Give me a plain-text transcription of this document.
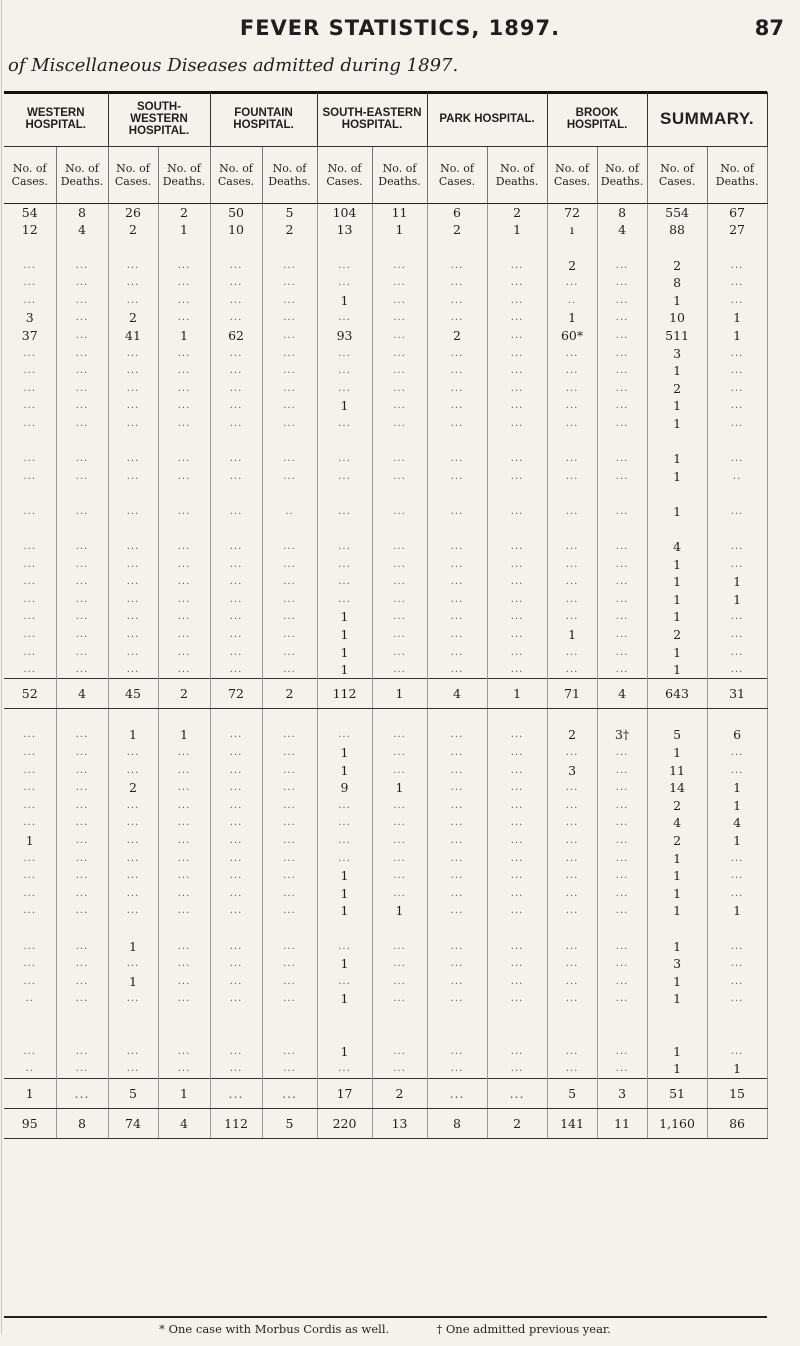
FEVER STATISTICS, 1897.	87
of Miscellaneous Diseases admitted during 1897.
WESTERN HOSPITAL.		SOUTH-WESTERN HOSPITAL.		FOUNTAIN HOSPITAL.		SOUTH-EASTERN HOSPITAL.		PARK HOSPITAL.		BROOK HOSPITAL.		SUMMARY.	
No. of Cases.	No. of Deaths.	No. of Cases.	No. of Deaths.	No. of Cases.	No. of Deaths.	No. of Cases.	No. of Deaths.	No. of Cases.	No. of Deaths.	No. of Cases.	No. of Deaths.	No. of Cases.	No. of Deaths.
54	8	26	2	50	5	104	11	6	2	72	8	554	67
12	4	2	1	10	2	13	1	2	1	ı	4	88	27

...	...	...	...	...	...	...	...	...	...	2	...	2	...
...	...	...	...	...	...	...	...	...	...	...	...	8	...
...	...	...	...	...	...	1	...	...	...	..	...	1	...
3	...	2	...	...	...	...	...	...	...	1	...	10	1
37	...	41	1	62	...	93	...	2	...	60*	...	511	1
...	...	...	...	...	...	...	...	...	...	...	...	3	...
...	...	...	...	...	...	...	...	...	...	...	...	1	...
...	...	...	...	...	...	...	...	...	...	...	...	2	...
...	...	...	...	...	...	1	...	...	...	...	...	1	...
...	...	...	...	...	...	...	...	...	...	...	...	1	...

...	...	...	...	...	...	...	...	...	...	...	...	1	...
...	...	...	...	...	...	...	...	...	...	...	...	1	..

...	...	...	...	...	..	...	...	...	...	...	...	1	...

...	...	...	...	...	...	...	...	...	...	...	...	4	...
...	...	...	...	...	...	...	...	...	...	...	...	1	...
...	...	...	...	...	...	...	...	...	...	...	...	1	1
...	...	...	...	...	...	...	...	...	...	...	...	1	1
...	...	...	...	...	...	1	...	...	...	...	...	1	...
...	...	...	...	...	...	1	...	...	...	1	...	2	...
...	...	...	...	...	...	1	...	...	...	...	...	1	...
...	...	...	...	...	...	1	...	...	...	...	...	1	...
52	4	45	2	72	2	112	1	4	1	71	4	643	31

...	...	1	1	...	...	...	...	...	...	2	3†	5	6
...	...	...	...	...	...	1	...	...	...	...	...	1	...
...	...	...	...	...	...	1	...	...	...	3	...	11	...
...	...	2	...	...	...	9	1	...	...	...	...	14	1
...	...	...	...	...	...	...	...	...	...	...	...	2	1
...	...	...	...	...	...	...	...	...	...	...	...	4	4
1	...	...	...	...	...	...	...	...	...	...	...	2	1
...	...	...	...	...	...	...	...	...	...	...	...	1	...
...	...	...	...	...	...	1	...	...	...	...	...	1	...
...	...	...	...	...	...	1	...	...	...	...	...	1	...
...	...	...	...	...	...	1	1	...	...	...	...	1	1

...	...	1	...	...	...	...	...	...	...	...	...	1	...
...	...	...	...	...	...	1	...	...	...	...	...	3	...
...	...	1	...	...	...	...	...	...	...	...	...	1	...
..	...	...	...	...	...	1	...	...	...	...	...	1	...

...	...	...	...	...	...	1	...	...	...	...	...	1	...
..	...	...	...	...	...	...	...	...	...	...	...	1	1
1	...	5	1	...	...	17	2	...	...	5	3	51	15
95	8	74	4	112	5	220	13	8	2	141	11	1,160	86
* One case with Morbus Cordis as well.	† One admitted previous year.
